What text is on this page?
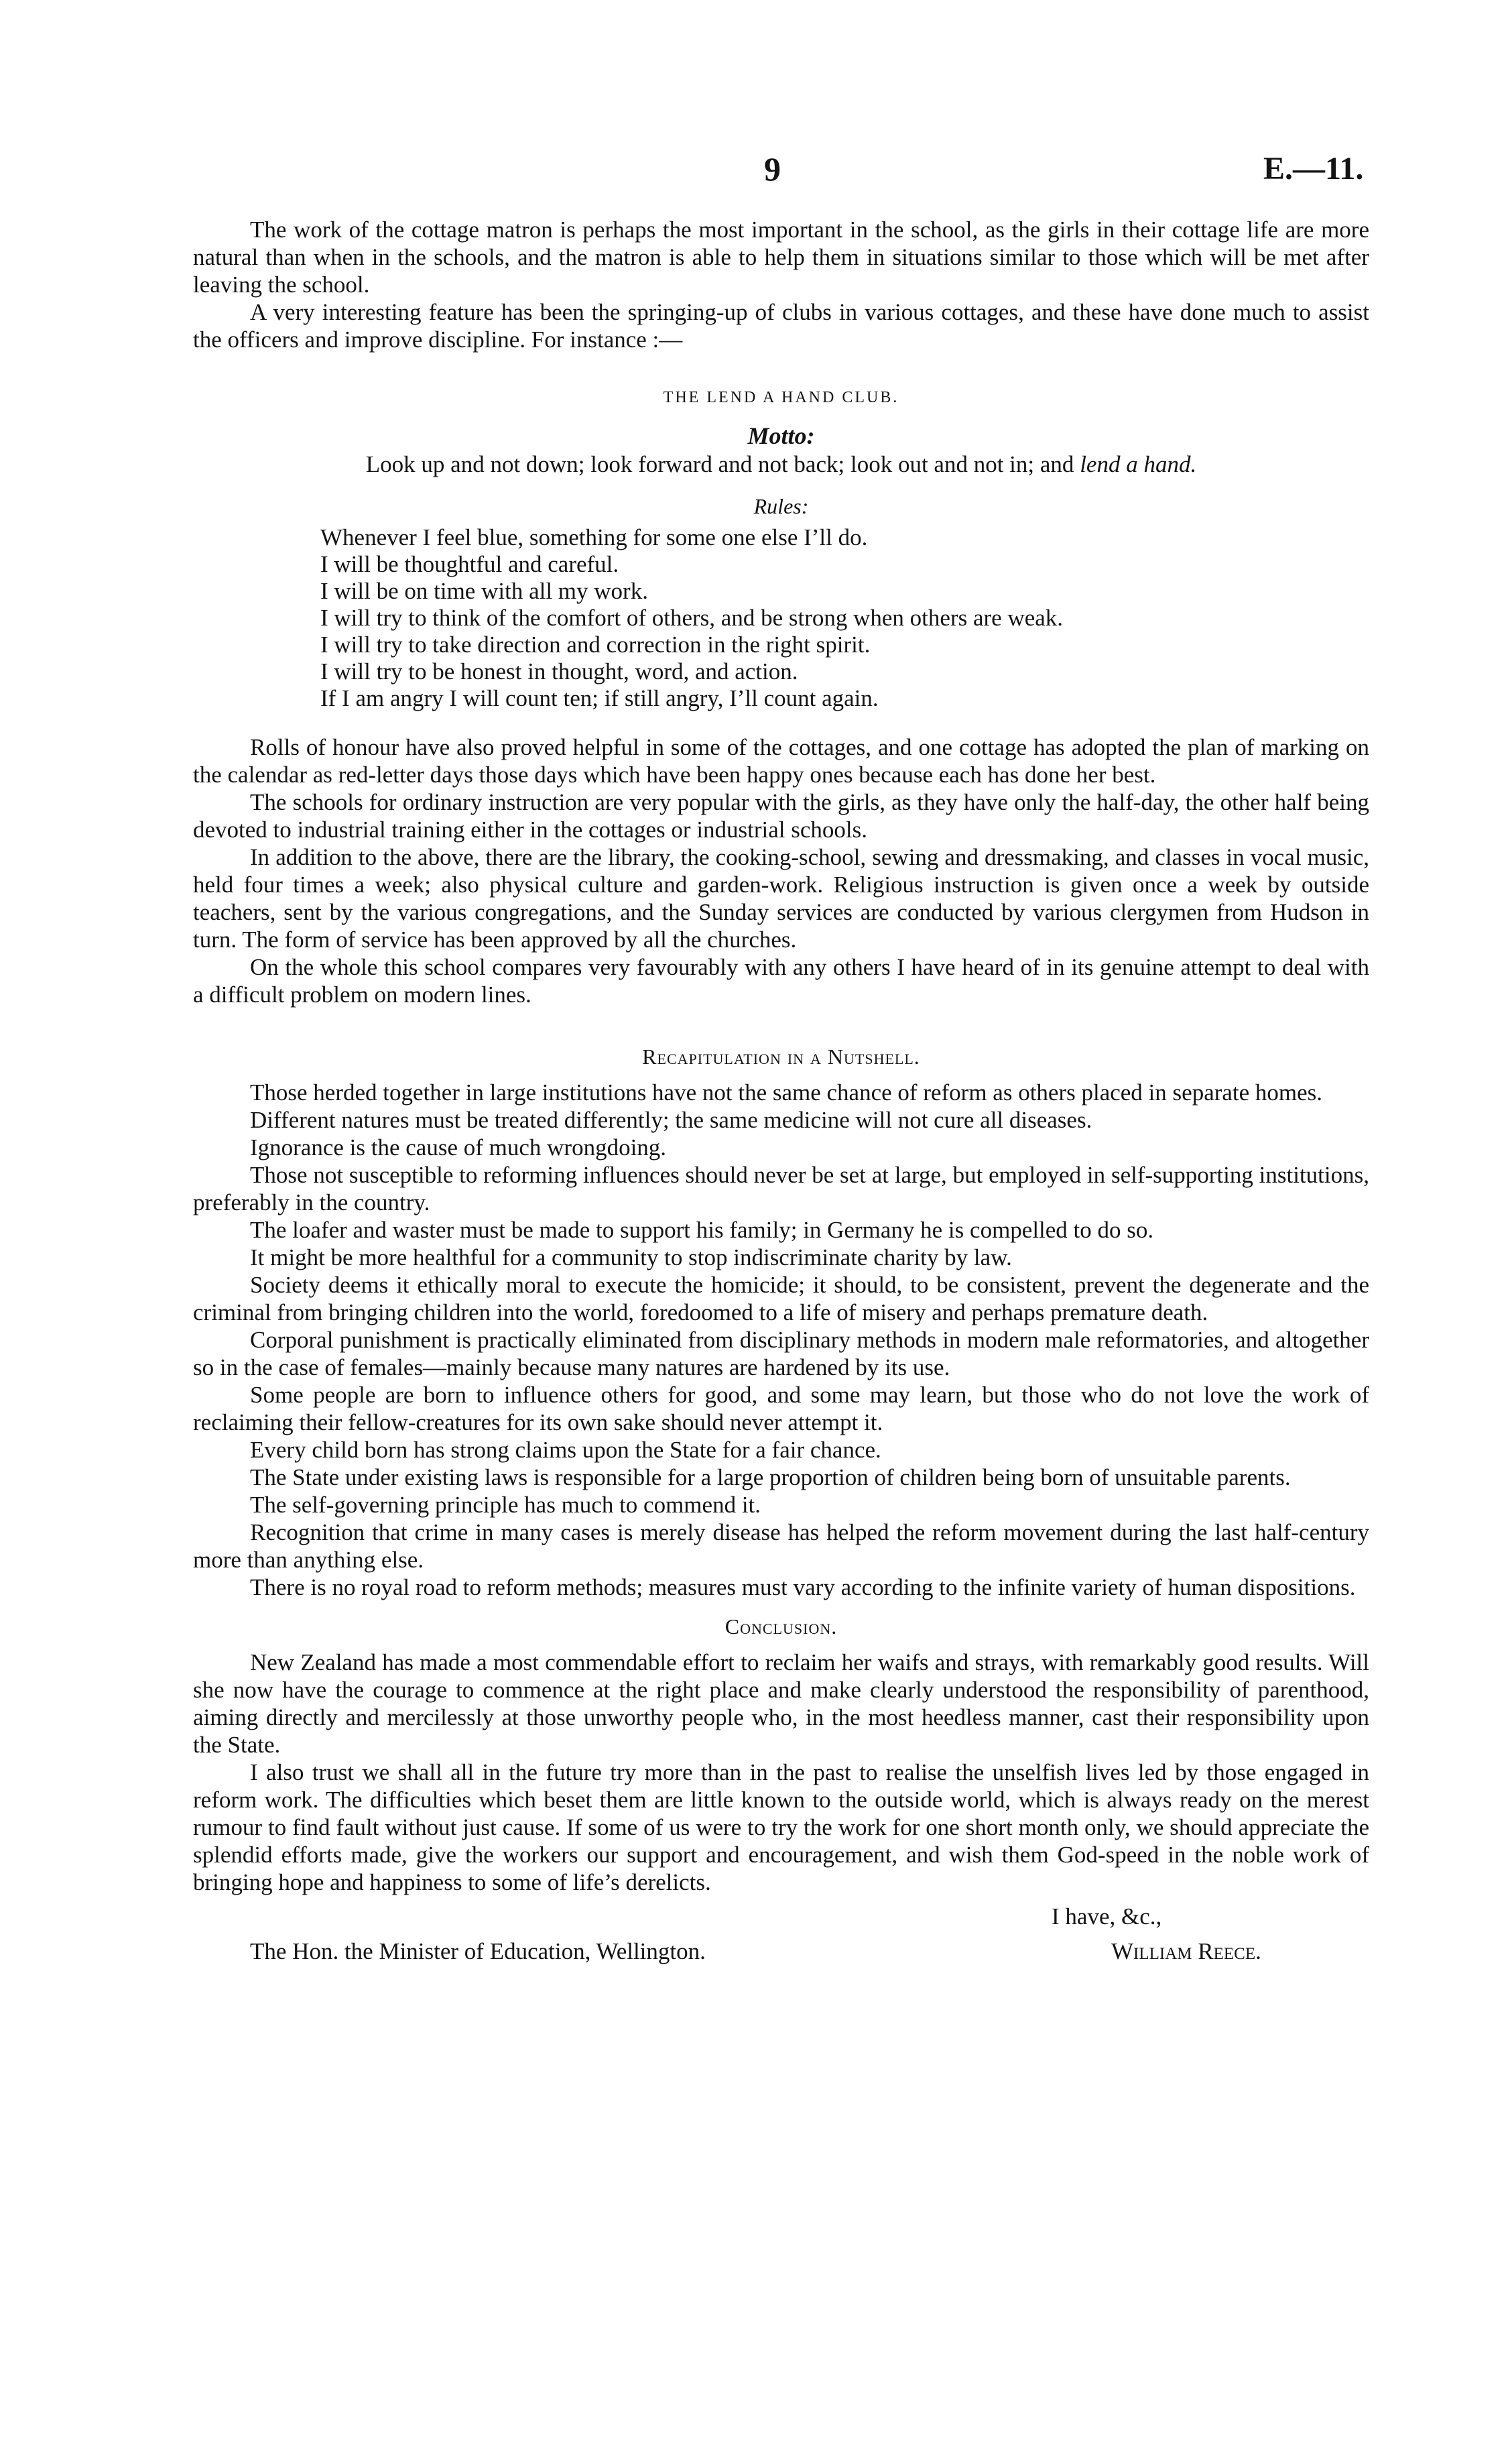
9	E.—11.

The work of the cottage matron is perhaps the most important in the school, as the girls in their cottage life are more natural than when in the schools, and the matron is able to help them in situations similar to those which will be met after leaving the school.

A very interesting feature has been the springing-up of clubs in various cottages, and these have done much to assist the officers and improve discipline. For instance :—

THE LEND A HAND CLUB.
Motto:
Look up and not down; look forward and not back; look out and not in; and lend a hand.
Rules:
Whenever I feel blue, something for some one else I’ll do.
I will be thoughtful and careful.
I will be on time with all my work.
I will try to think of the comfort of others, and be strong when others are weak.
I will try to take direction and correction in the right spirit.
I will try to be honest in thought, word, and action.
If I am angry I will count ten; if still angry, I’ll count again.

Rolls of honour have also proved helpful in some of the cottages, and one cottage has adopted the plan of marking on the calendar as red-letter days those days which have been happy ones because each has done her best.

The schools for ordinary instruction are very popular with the girls, as they have only the half-day, the other half being devoted to industrial training either in the cottages or industrial schools.

In addition to the above, there are the library, the cooking-school, sewing and dressmaking, and classes in vocal music, held four times a week; also physical culture and garden-work. Religious instruction is given once a week by outside teachers, sent by the various congregations, and the Sunday services are conducted by various clergymen from Hudson in turn. The form of service has been approved by all the churches.

On the whole this school compares very favourably with any others I have heard of in its genuine attempt to deal with a difficult problem on modern lines.

Recapitulation in a Nutshell.

Those herded together in large institutions have not the same chance of reform as others placed in separate homes.

Different natures must be treated differently; the same medicine will not cure all diseases.

Ignorance is the cause of much wrongdoing.

Those not susceptible to reforming influences should never be set at large, but employed in self-supporting institutions, preferably in the country.

The loafer and waster must be made to support his family; in Germany he is compelled to do so.

It might be more healthful for a community to stop indiscriminate charity by law.

Society deems it ethically moral to execute the homicide; it should, to be consistent, prevent the degenerate and the criminal from bringing children into the world, foredoomed to a life of misery and perhaps premature death.

Corporal punishment is practically eliminated from disciplinary methods in modern male reformatories, and altogether so in the case of females—mainly because many natures are hardened by its use.

Some people are born to influence others for good, and some may learn, but those who do not love the work of reclaiming their fellow-creatures for its own sake should never attempt it.

Every child born has strong claims upon the State for a fair chance.

The State under existing laws is responsible for a large proportion of children being born of unsuitable parents.

The self-governing principle has much to commend it.

Recognition that crime in many cases is merely disease has helped the reform movement during the last half-century more than anything else.

There is no royal road to reform methods; measures must vary according to the infinite variety of human dispositions.

Conclusion.

New Zealand has made a most commendable effort to reclaim her waifs and strays, with remarkably good results. Will she now have the courage to commence at the right place and make clearly understood the responsibility of parenthood, aiming directly and mercilessly at those unworthy people who, in the most heedless manner, cast their responsibility upon the State.

I also trust we shall all in the future try more than in the past to realise the unselfish lives led by those engaged in reform work. The difficulties which beset them are little known to the outside world, which is always ready on the merest rumour to find fault without just cause. If some of us were to try the work for one short month only, we should appreciate the splendid efforts made, give the workers our support and encouragement, and wish them God-speed in the noble work of bringing hope and happiness to some of life’s derelicts.

I have, &c.,
The Hon. the Minister of Education, Wellington.	William Reece.
